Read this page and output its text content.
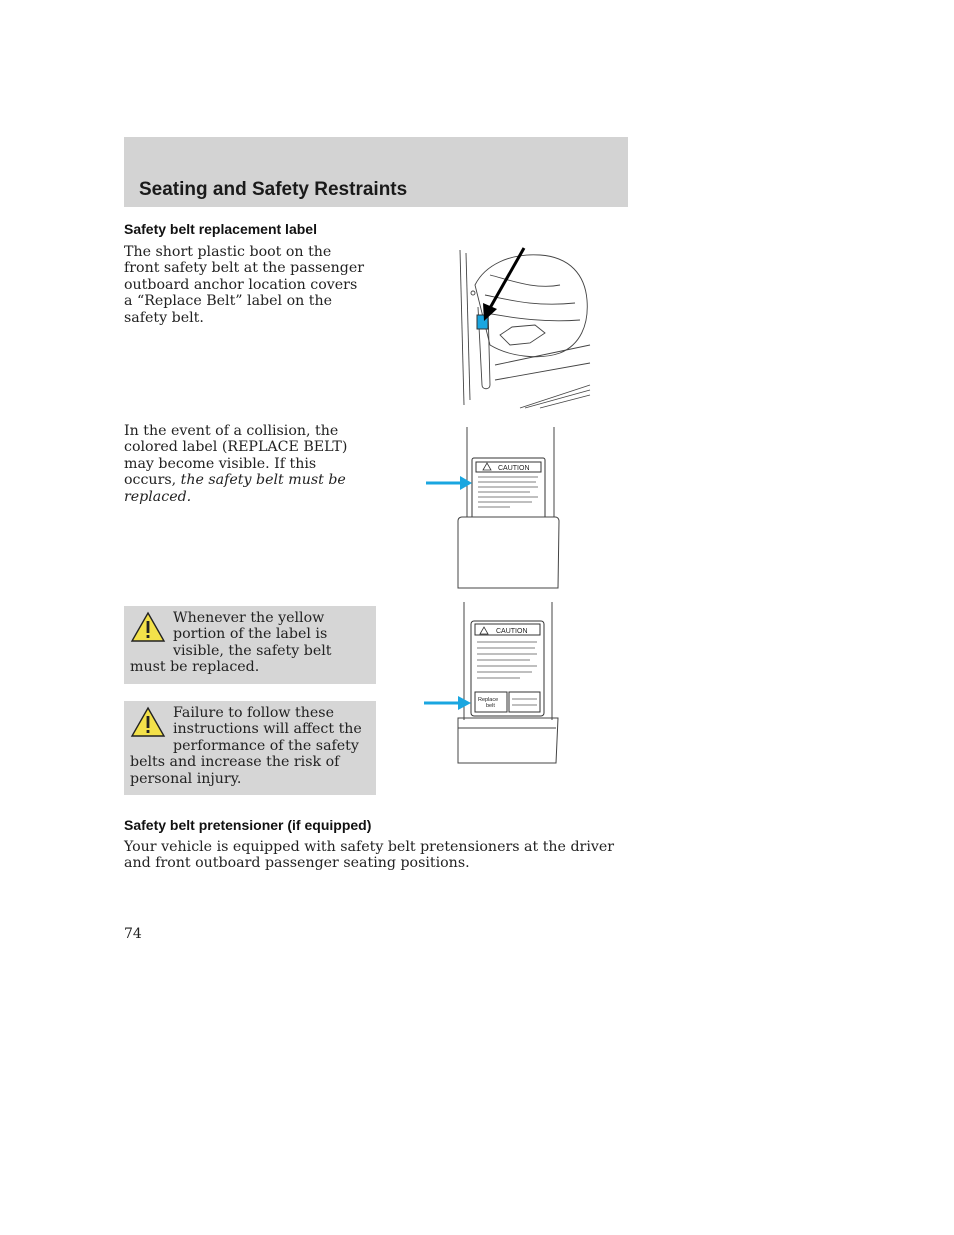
Seating and Safety Restraints
Safety belt replacement label
The short plastic boot on the front safety belt at the passenger outboard anchor location covers a “Replace Belt” label on the safety belt.
In the event of a collision, the colored label (REPLACE BELT) may become visible. If this occurs, the safety belt must be replaced.
Whenever the yellow portion of the label is visible, the safety belt must be replaced.
Failure to follow these instructions will affect the performance of the safety belts and increase the risk of personal injury.
CAUTION
CAUTION
Replace
belt
Safety belt pretensioner (if equipped)
Your vehicle is equipped with safety belt pretensioners at the driver and front outboard passenger seating positions.
74
